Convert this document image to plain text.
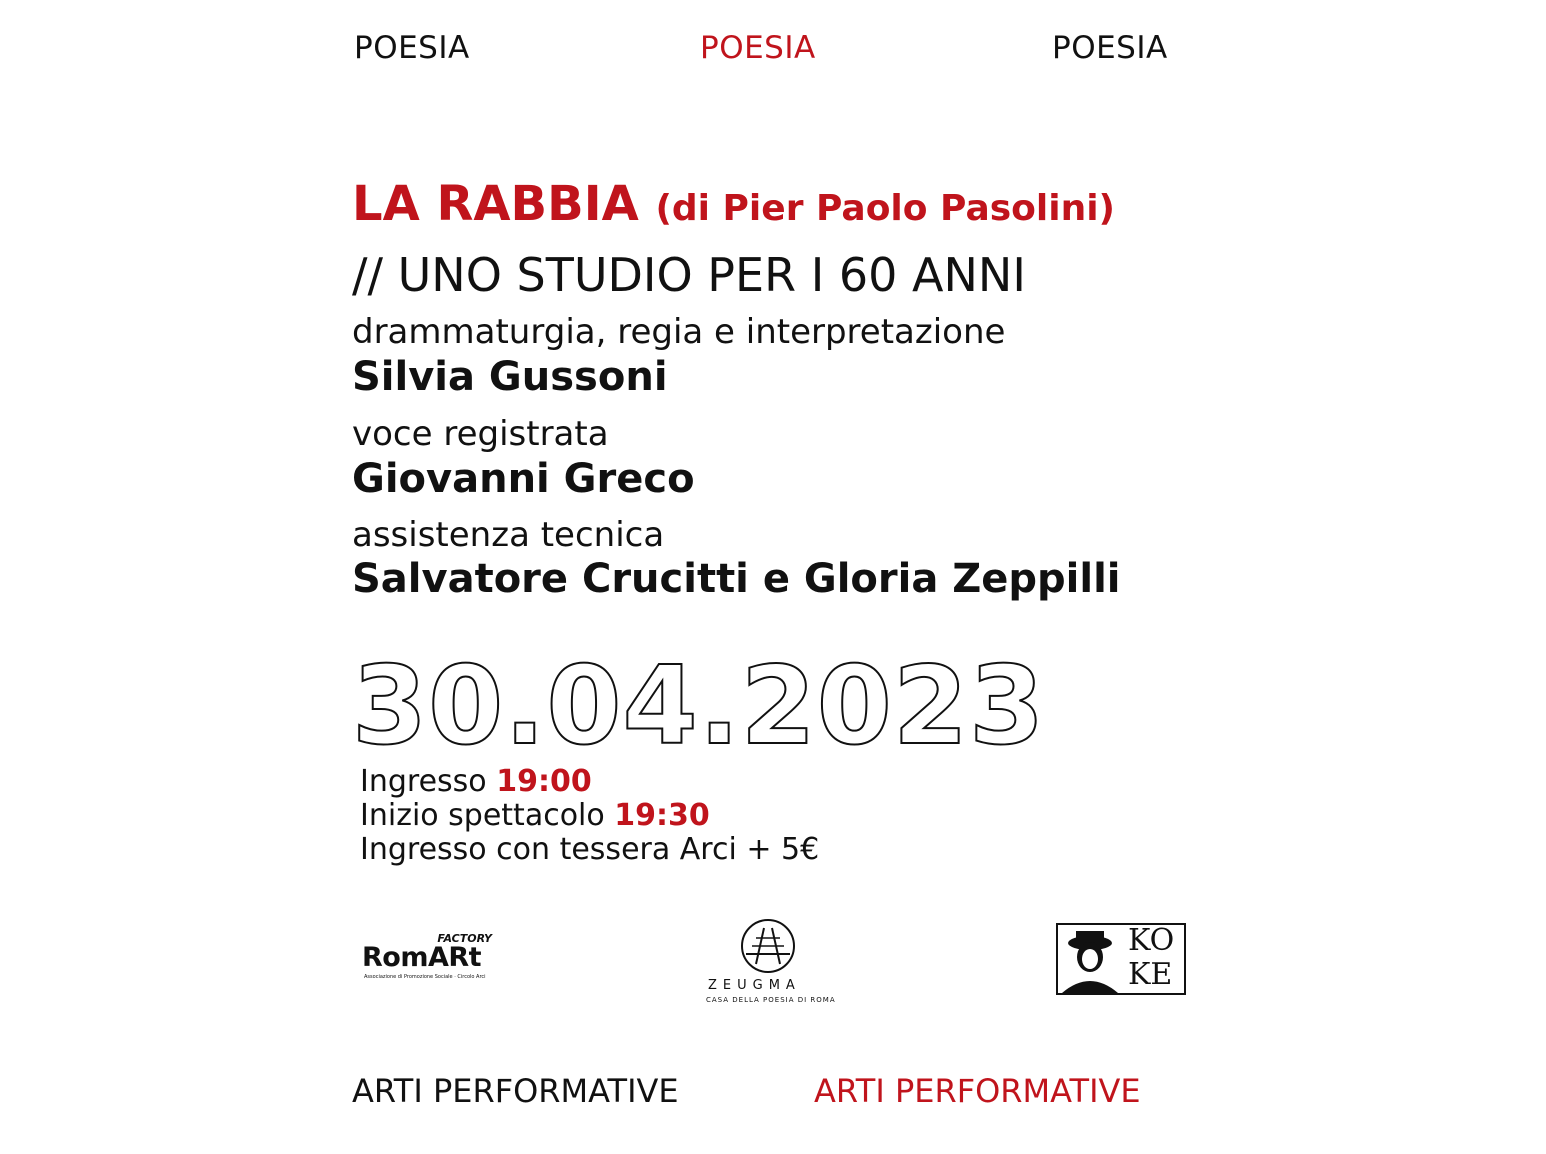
POESIA	POESIA	POESIA
LA RABBIA (di Pier Paolo Pasolini)
// UNO STUDIO PER I 60 ANNI
drammaturgia, regia e interpretazione
Silvia Gussoni
voce registrata
Giovanni Greco
assistenza tecnica
Salvatore Crucitti e Gloria Zeppilli
30.04.2023
Ingresso 19:00
Inizio spettacolo 19:30
Ingresso con tessera Arci + 5€
FACTORY
RomARt
Associazione di Promozione Sociale · Circolo Arci
ZEUGMA
CASA DELLA POESIA DI ROMA
KO
KE
ARTI PERFORMATIVE	ARTI PERFORMATIVE
